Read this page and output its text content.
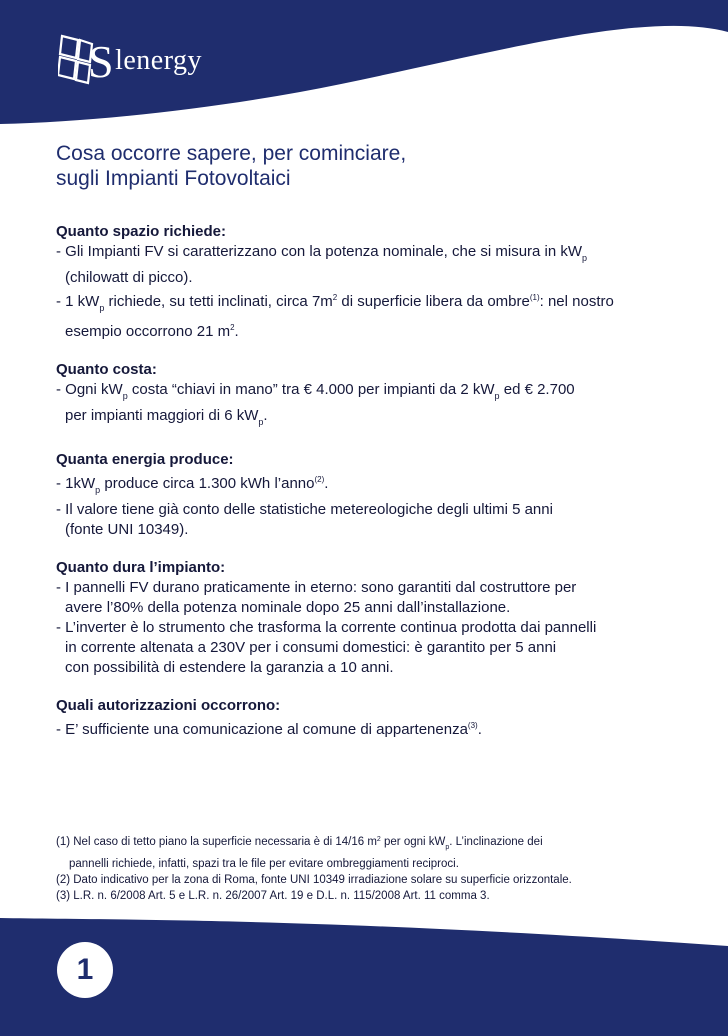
Slenergy
Cosa occorre sapere, per cominciare,
sugli Impianti Fotovoltaici

Quanto spazio richiede:

- Gli Impianti FV si caratterizzano con la potenza nominale, che si misura in $kW_p$

(chilowatt di picco).

- 1 $kW_p$ richiede, su tetti inclinati, circa $7m^2$ di superficie libera da ombre$^{(1)}$: nel nostro

esempio occorrono 21 $m^2$.

Quanto costa:

- Ogni $kW_p$ costa “chiavi in mano” tra € 4.000 per impianti da 2 $kW_p$ ed € 2.700

per impianti maggiori di 6 $kW_p$.

Quanta energia produce:

- $1kW_p$ produce circa 1.300 kWh l’anno$^{(2)}$.

- Il valore tiene già conto delle statistiche metereologiche degli ultimi 5 anni

(fonte UNI 10349).

Quanto dura l’impianto:

- I pannelli FV durano praticamente in eterno: sono garantiti dal costruttore per

avere l’80% della potenza nominale dopo 25 anni dall’installazione.

- L’inverter è lo strumento che trasforma la corrente continua prodotta dai pannelli

in corrente altenata a 230V per i consumi domestici: è garantito per 5 anni

con possibilità di estendere la garanzia a 10 anni.

Quali autorizzazioni occorrono:

- E’ sufficiente una comunicazione al comune di appartenenza$^{(3)}$.

(1) Nel caso di tetto piano la superficie necessaria è di 14/16 $m^2$ per ogni $kW_p$. L’inclinazione dei

pannelli richiede, infatti, spazi tra le file per evitare ombreggiamenti reciproci.

(2) Dato indicativo per la zona di Roma, fonte UNI 10349 irradiazione solare su superficie orizzontale.

(3) L.R. n. 6/2008 Art. 5 e L.R. n. 26/2007 Art. 19 e D.L. n. 115/2008 Art. 11 comma 3.

1
